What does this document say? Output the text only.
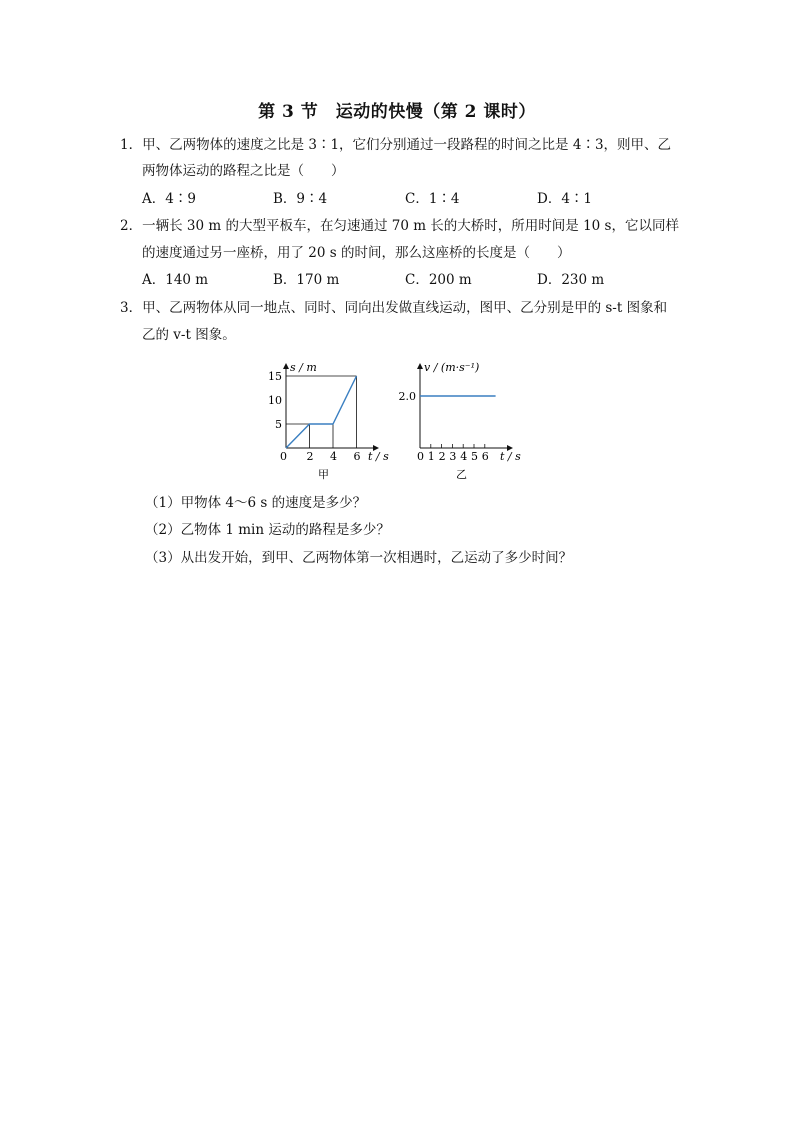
第 3 节　运动的快慢（第 2 课时）
1．甲、乙两物体的速度之比是 3∶1，它们分别通过一段路程的时间之比是 4∶3，则甲、乙
两物体运动的路程之比是（　　）
A．4∶9	B．9∶4	C．1∶4	D．4∶1
2．一辆长 30 m 的大型平板车，在匀速通过 70 m 长的大桥时，所用时间是 10 s，它以同样
的速度通过另一座桥，用了 20 s 的时间，那么这座桥的长度是（　　）
A．140 m	B．170 m	C．200 m	D．230 m
3．甲、乙两物体从同一地点、同时、同向出发做直线运动，图甲、乙分别是甲的 s-t 图象和
乙的 v-t 图象。
0 2 4 6
5
10
15
s / m
t / s
甲
0 1 2 3 4 5 6
2.0
v / (m·s⁻¹)
t / s
乙
（1）甲物体 4～6 s 的速度是多少？
（2）乙物体 1 min 运动的路程是多少？
（3）从出发开始，到甲、乙两物体第一次相遇时，乙运动了多少时间？
